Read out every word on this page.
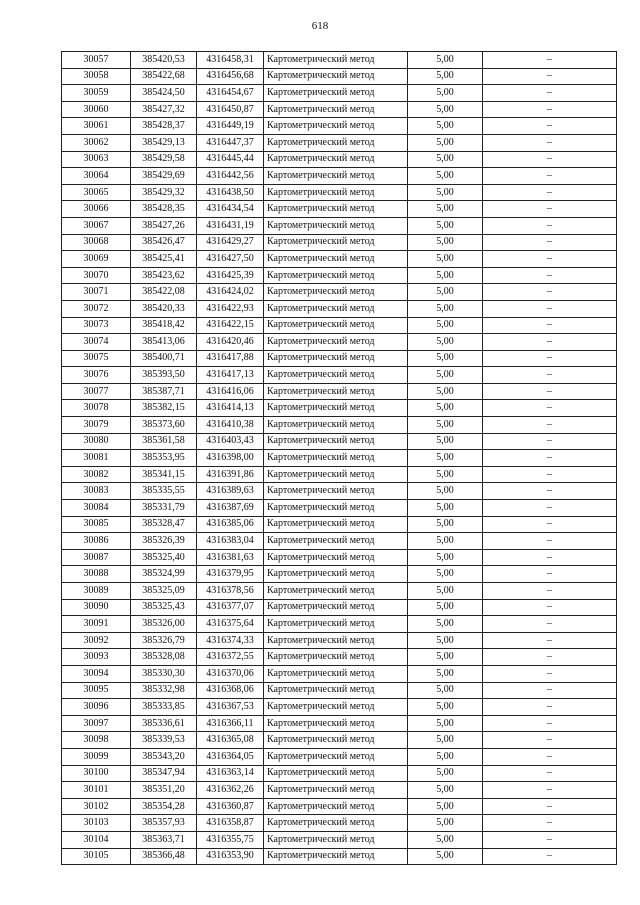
618
30057	385420,53	4316458,31	Картометрический метод	5,00	–
30058	385422,68	4316456,68	Картометрический метод	5,00	–
30059	385424,50	4316454,67	Картометрический метод	5,00	–
30060	385427,32	4316450,87	Картометрический метод	5,00	–
30061	385428,37	4316449,19	Картометрический метод	5,00	–
30062	385429,13	4316447,37	Картометрический метод	5,00	–
30063	385429,58	4316445,44	Картометрический метод	5,00	–
30064	385429,69	4316442,56	Картометрический метод	5,00	–
30065	385429,32	4316438,50	Картометрический метод	5,00	–
30066	385428,35	4316434,54	Картометрический метод	5,00	–
30067	385427,26	4316431,19	Картометрический метод	5,00	–
30068	385426,47	4316429,27	Картометрический метод	5,00	–
30069	385425,41	4316427,50	Картометрический метод	5,00	–
30070	385423,62	4316425,39	Картометрический метод	5,00	–
30071	385422,08	4316424,02	Картометрический метод	5,00	–
30072	385420,33	4316422,93	Картометрический метод	5,00	–
30073	385418,42	4316422,15	Картометрический метод	5,00	–
30074	385413,06	4316420,46	Картометрический метод	5,00	–
30075	385400,71	4316417,88	Картометрический метод	5,00	–
30076	385393,50	4316417,13	Картометрический метод	5,00	–
30077	385387,71	4316416,06	Картометрический метод	5,00	–
30078	385382,15	4316414,13	Картометрический метод	5,00	–
30079	385373,60	4316410,38	Картометрический метод	5,00	–
30080	385361,58	4316403,43	Картометрический метод	5,00	–
30081	385353,95	4316398,00	Картометрический метод	5,00	–
30082	385341,15	4316391,86	Картометрический метод	5,00	–
30083	385335,55	4316389,63	Картометрический метод	5,00	–
30084	385331,79	4316387,69	Картометрический метод	5,00	–
30085	385328,47	4316385,06	Картометрический метод	5,00	–
30086	385326,39	4316383,04	Картометрический метод	5,00	–
30087	385325,40	4316381,63	Картометрический метод	5,00	–
30088	385324,99	4316379,95	Картометрический метод	5,00	–
30089	385325,09	4316378,56	Картометрический метод	5,00	–
30090	385325,43	4316377,07	Картометрический метод	5,00	–
30091	385326,00	4316375,64	Картометрический метод	5,00	–
30092	385326,79	4316374,33	Картометрический метод	5,00	–
30093	385328,08	4316372,55	Картометрический метод	5,00	–
30094	385330,30	4316370,06	Картометрический метод	5,00	–
30095	385332,98	4316368,06	Картометрический метод	5,00	–
30096	385333,85	4316367,53	Картометрический метод	5,00	–
30097	385336,61	4316366,11	Картометрический метод	5,00	–
30098	385339,53	4316365,08	Картометрический метод	5,00	–
30099	385343,20	4316364,05	Картометрический метод	5,00	–
30100	385347,94	4316363,14	Картометрический метод	5,00	–
30101	385351,20	4316362,26	Картометрический метод	5,00	–
30102	385354,28	4316360,87	Картометрический метод	5,00	–
30103	385357,93	4316358,87	Картометрический метод	5,00	–
30104	385363,71	4316355,75	Картометрический метод	5,00	–
30105	385366,48	4316353,90	Картометрический метод	5,00	–
